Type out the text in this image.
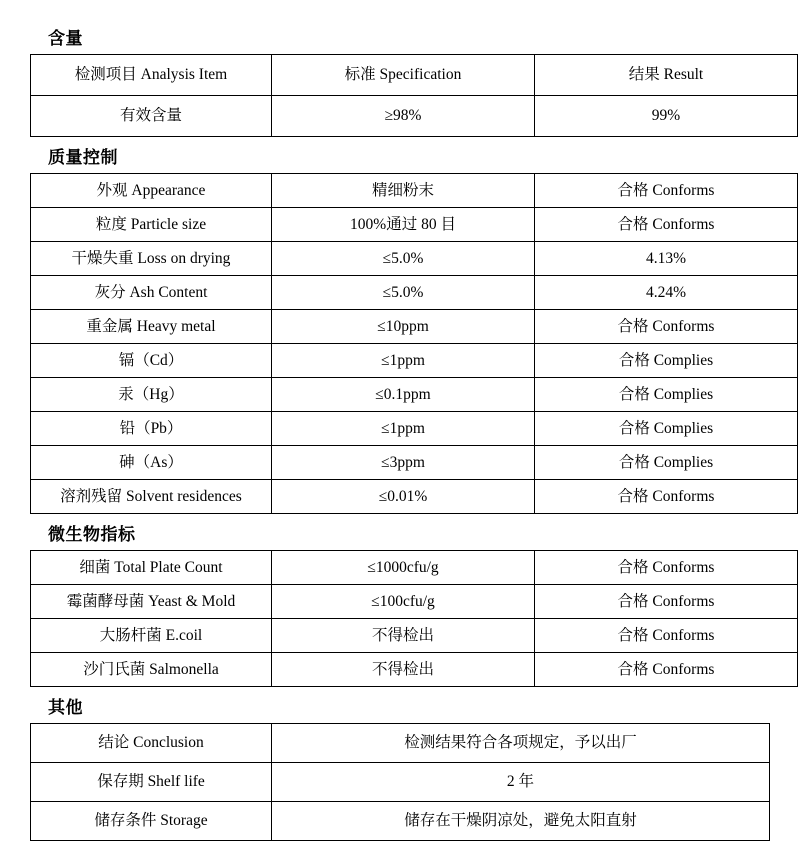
含量
检测项目 Analysis Item	标准 Specification	结果 Result
有效含量	≥98%	99%
质量控制
外观 Appearance	精细粉末	合格 Conforms
粒度 Particle size	100%通过 80 目	合格 Conforms
干燥失重 Loss on drying	≤5.0%	4.13%
灰分 Ash Content	≤5.0%	4.24%
重金属 Heavy metal	≤10ppm	合格 Conforms
镉（Cd）	≤1ppm	合格 Complies
汞（Hg）	≤0.1ppm	合格 Complies
铅（Pb）	≤1ppm	合格 Complies
砷（As）	≤3ppm	合格 Complies
溶剂残留 Solvent residences	≤0.01%	合格 Conforms
微生物指标
细菌 Total Plate Count	≤1000cfu/g	合格 Conforms
霉菌酵母菌 Yeast & Mold	≤100cfu/g	合格 Conforms
大肠杆菌 E.coil	不得检出	合格 Conforms
沙门氏菌 Salmonella	不得检出	合格 Conforms
其他
结论 Conclusion	检测结果符合各项规定，予以出厂
保存期 Shelf life	2 年
储存条件 Storage	储存在干燥阴凉处，避免太阳直射
